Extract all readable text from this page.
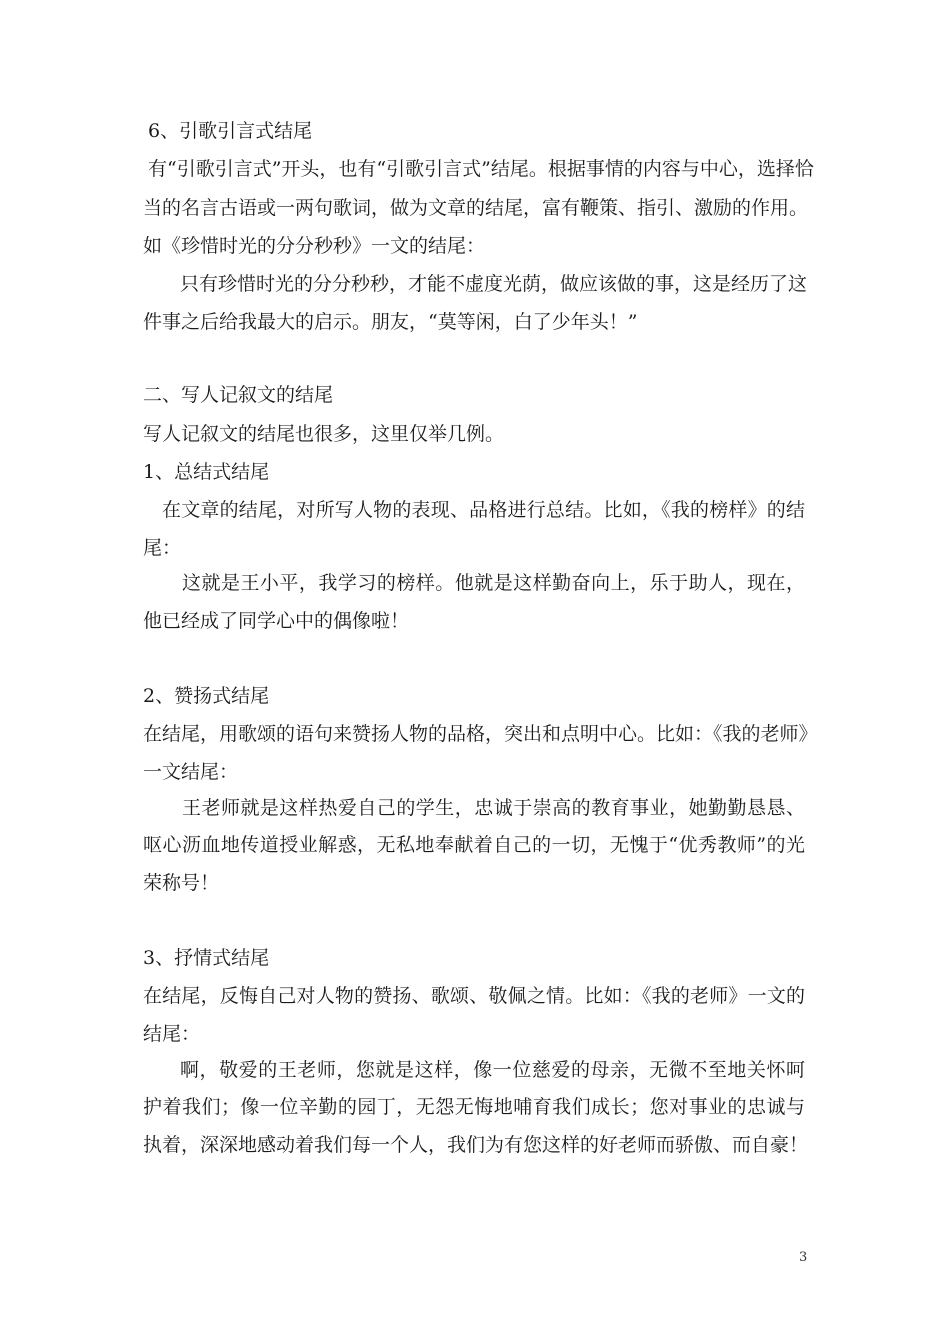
6、引歌引言式结尾

有“引歌引言式”开头，也有“引歌引言式”结尾。根据事情的内容与中心，选择恰

当的名言古语或一两句歌词，做为文章的结尾，富有鞭策、指引、激励的作用。

如《珍惜时光的分分秒秒》一文的结尾：

只有珍惜时光的分分秒秒，才能不虚度光荫，做应该做的事，这是经历了这

件事之后给我最大的启示。朋友，“莫等闲，白了少年头！”

二、写人记叙文的结尾

写人记叙文的结尾也很多，这里仅举几例。

1、总结式结尾

在文章的结尾，对所写人物的表现、品格进行总结。比如，《我的榜样》的结

尾：

这就是王小平，我学习的榜样。他就是这样勤奋向上，乐于助人，现在，

他已经成了同学心中的偶像啦！

2、赞扬式结尾

在结尾，用歌颂的语句来赞扬人物的品格，突出和点明中心。比如：《我的老师》

一文结尾：

王老师就是这样热爱自己的学生，忠诚于崇高的教育事业，她勤勤恳恳、

呕心沥血地传道授业解惑，无私地奉献着自己的一切，无愧于“优秀教师”的光

荣称号！

3、抒情式结尾

在结尾，反悔自己对人物的赞扬、歌颂、敬佩之情。比如：《我的老师》一文的

结尾：

啊，敬爱的王老师，您就是这样，像一位慈爱的母亲，无微不至地关怀呵

护着我们；像一位辛勤的园丁，无怨无悔地哺育我们成长；您对事业的忠诚与

执着，深深地感动着我们每一个人，我们为有您这样的好老师而骄傲、而自豪！

3
